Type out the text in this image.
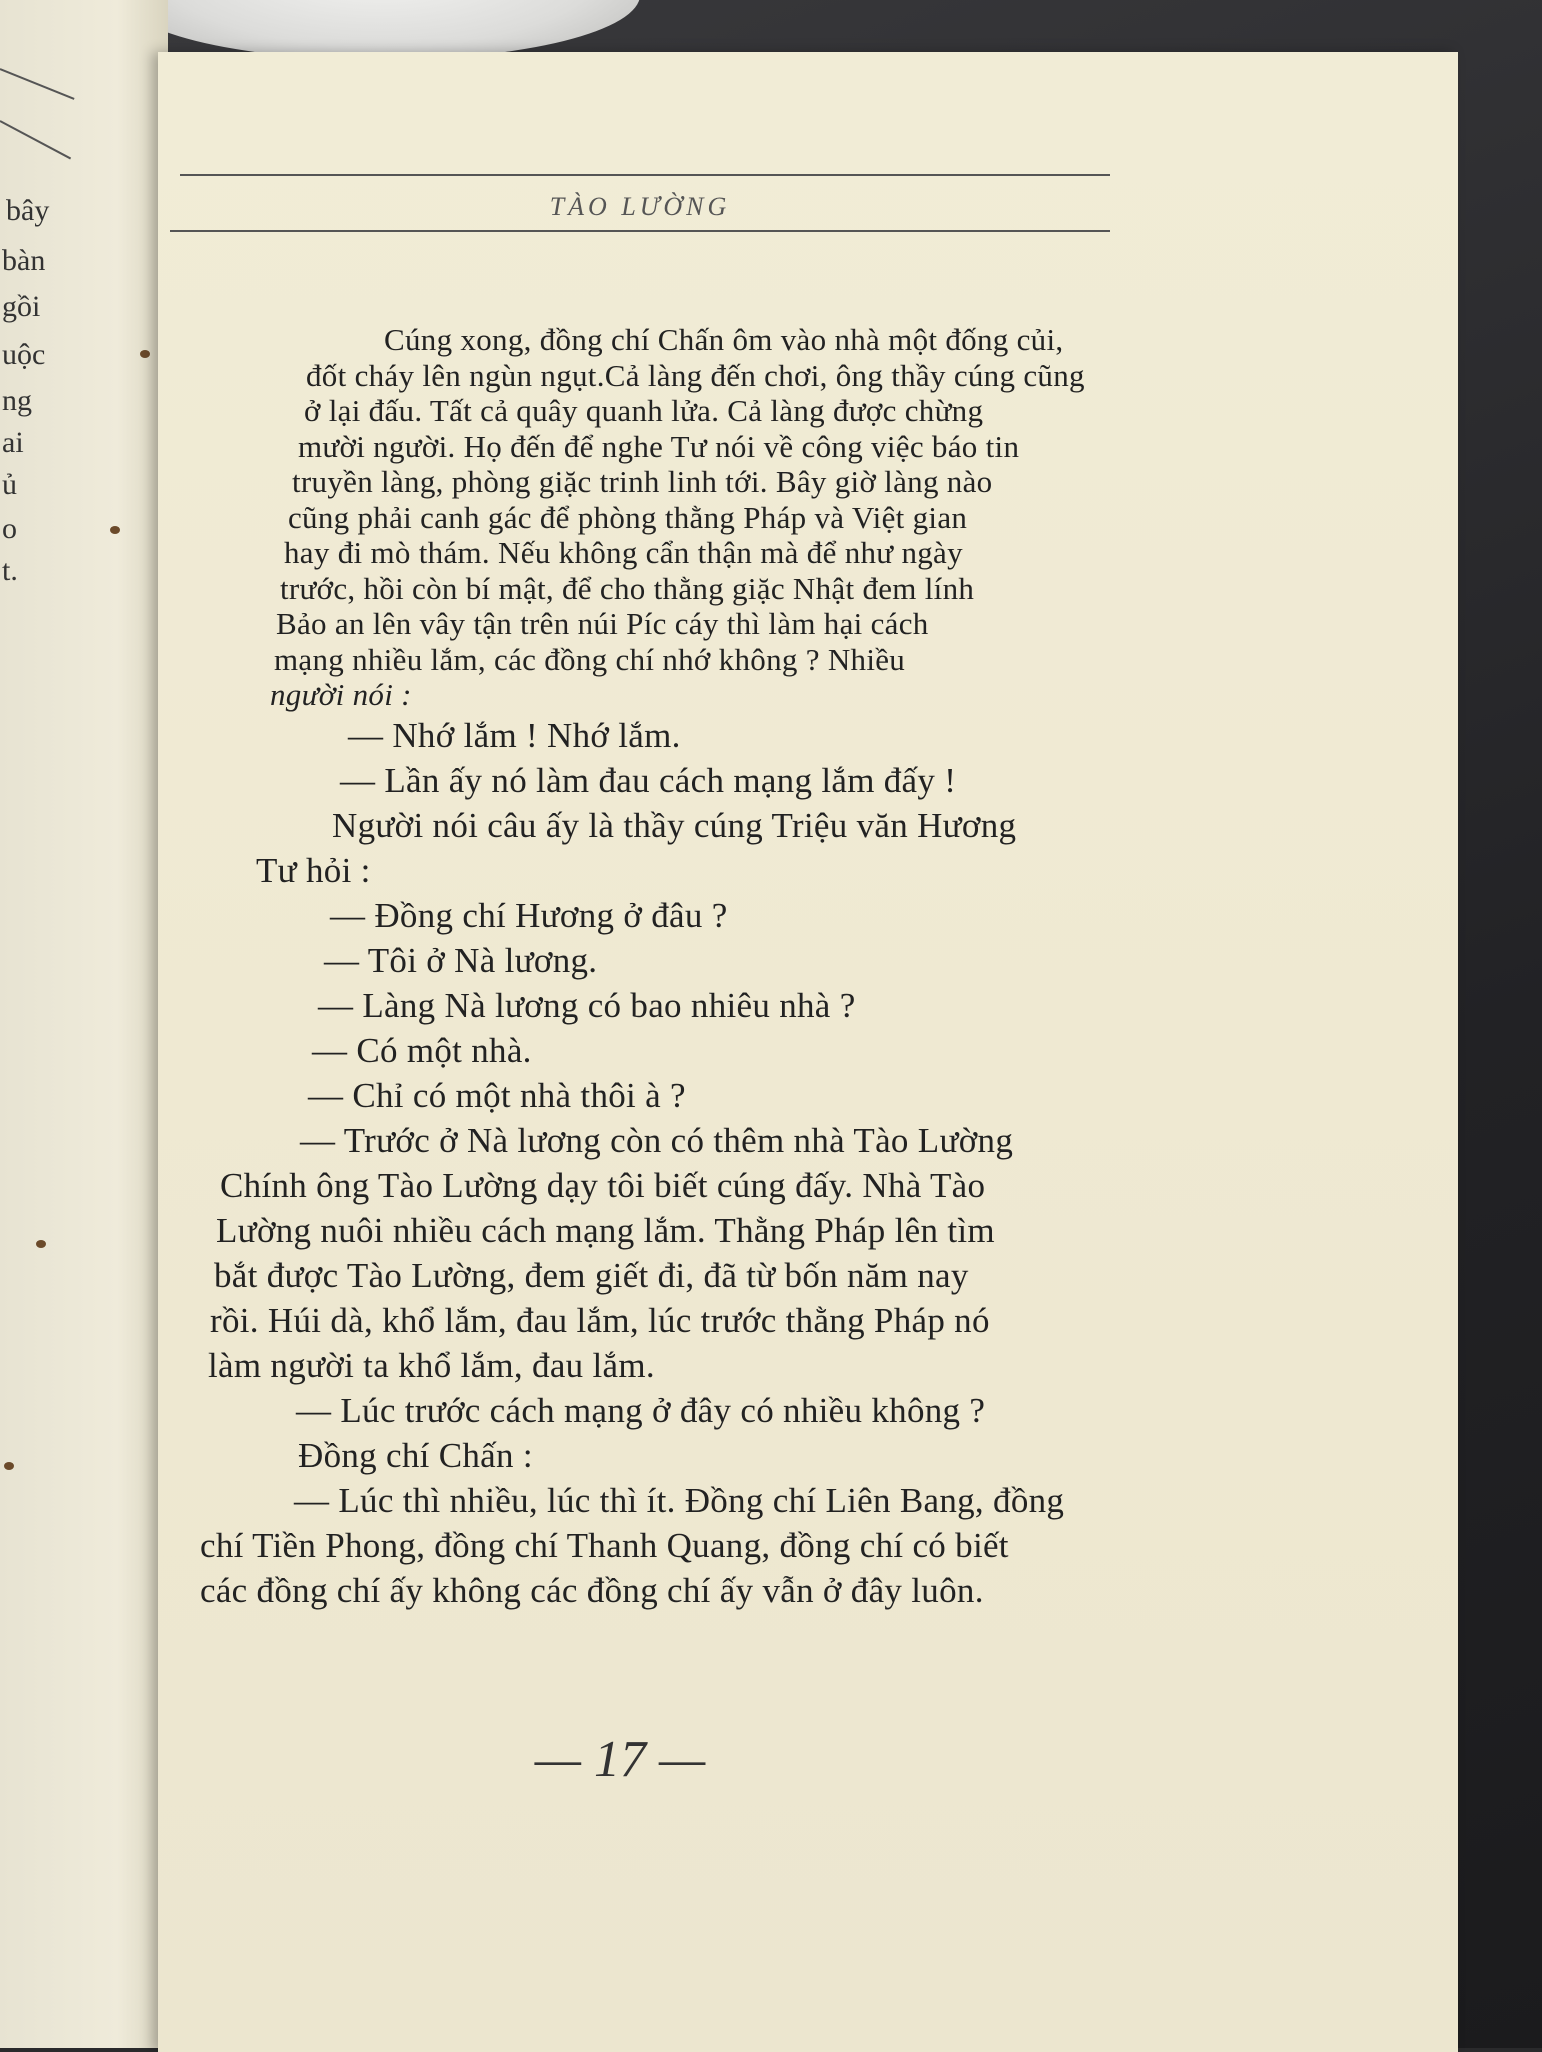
bây
bàn
gồi
uộc
ng
ai
ủ
o
t.
TÀO LƯỜNG
Cúng xong, đồng chí Chấn ôm vào nhà một đống củi,
đốt cháy lên ngùn ngụt.Cả làng đến chơi, ông thầy cúng cũng
ở lại đấu. Tất cả quây quanh lửa. Cả làng được chừng
mười người. Họ đến để nghe Tư nói về công việc báo tin
truyền làng, phòng giặc trinh linh tới. Bây giờ làng nào
cũng phải canh gác để phòng thằng Pháp và Việt gian
hay đi mò thám. Nếu không cẩn thận mà để như ngày
trước, hồi còn bí mật, để cho thằng giặc Nhật đem lính
Bảo an lên vây tận trên núi Píc cáy thì làm hại cách
mạng nhiều lắm, các đồng chí nhớ không ? Nhiều
người nói :
— Nhớ lắm ! Nhớ lắm.
— Lần ấy nó làm đau cách mạng lắm đấy !
Người nói câu ấy là thầy cúng Triệu văn Hương
Tư hỏi :
— Đồng chí Hương ở đâu ?
— Tôi ở Nà lương.
— Làng Nà lương có bao nhiêu nhà ?
— Có một nhà.
— Chỉ có một nhà thôi à ?
— Trước ở Nà lương còn có thêm nhà Tào Lường
Chính ông Tào Lường dạy tôi biết cúng đấy. Nhà Tào
Lường nuôi nhiều cách mạng lắm. Thằng Pháp lên tìm
bắt được Tào Lường, đem giết đi, đã từ bốn năm nay
rồi. Húi dà, khổ lắm, đau lắm, lúc trước thằng Pháp nó
làm người ta khổ lắm, đau lắm.
— Lúc trước cách mạng ở đây có nhiều không ?
Đồng chí Chấn :
— Lúc thì nhiều, lúc thì ít. Đồng chí Liên Bang, đồng
chí Tiền Phong, đồng chí Thanh Quang, đồng chí có biết
các đồng chí ấy không các đồng chí ấy vẫn ở đây luôn.
— 17 —
